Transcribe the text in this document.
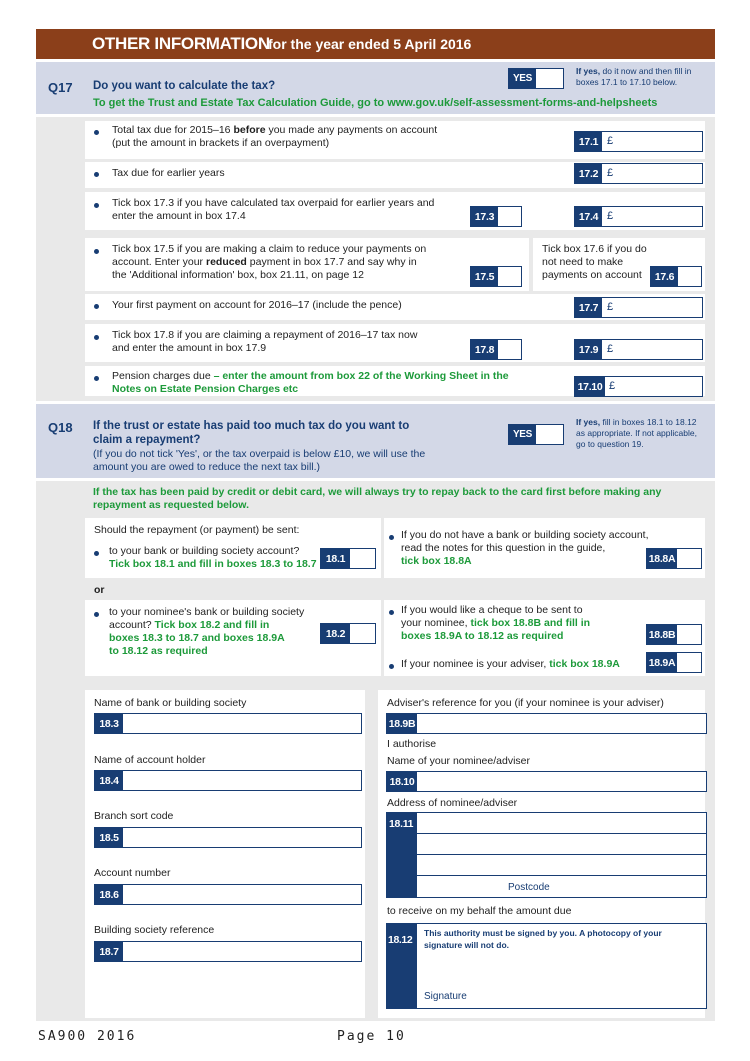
OTHER INFORMATION
for the year ended 5 April 2016
Q17 Do you want to calculate the tax?
To get the Trust and Estate Tax Calculation Guide, go to www.gov.uk/self-assessment-forms-and-helpsheets
YES
If yes, do it now and then fill in
boxes 17.1 to 17.10 below.
Total tax due for 2015–16 before you made any payments on account
(put the amount in brackets if an overpayment)	17.1 £
Tax due for earlier years	17.2 £
Tick box 17.3 if you have calculated tax overpaid for earlier years and
enter the amount in box 17.4	17.3	17.4 £
Tick box 17.5 if you are making a claim to reduce your payments on
account. Enter your reduced payment in box 17.7 and say why in
the 'Additional information' box, box 21.11, on page 12	17.5
Tick box 17.6 if you do
not need to make
payments on account	17.6
Your first payment on account for 2016–17 (include the pence)	17.7 £
Tick box 17.8 if you are claiming a repayment of 2016–17 tax now
and enter the amount in box 17.9	17.8	17.9 £
Pension charges due – enter the amount from box 22 of the Working Sheet in the
Notes on Estate Pension Charges etc	17.10 £
Q18 If the trust or estate has paid too much tax do you want to
claim a repayment?
(If you do not tick 'Yes', or the tax overpaid is below £10, we will use the
amount you are owed to reduce the next tax bill.)
YES
If yes, fill in boxes 18.1 to 18.12
as appropriate. If not applicable,
go to question 19.
If the tax has been paid by credit or debit card, we will always try to repay back to the card first before making any
repayment as requested below.
Should the repayment (or payment) be sent:
to your bank or building society account?
Tick box 18.1 and fill in boxes 18.3 to 18.7 18.1
If you do not have a bank or building society account,
read the notes for this question in the guide,
tick box 18.8A	18.8A
or
to your nominee's bank or building society
account? Tick box 18.2 and fill in
boxes 18.3 to 18.7 and boxes 18.9A
to 18.12 as required
18.2
If you would like a cheque to be sent to
your nominee, tick box 18.8B and fill in
boxes 18.9A to 18.12 as required	18.8B
If your nominee is your adviser, tick box 18.9A	18.9A
Name of bank or building society
18.3
Name of account holder
18.4
Branch sort code
18.5
Account number
18.6
Building society reference
18.7
Adviser's reference for you (if your nominee is your adviser)
18.9B
I authorise
Name of your nominee/adviser
18.10
Address of nominee/adviser
18.11
Postcode
to receive on my behalf the amount due
18.12
This authority must be signed by you. A photocopy of your
signature will not do.
Signature
SA900 2016	Page 10
